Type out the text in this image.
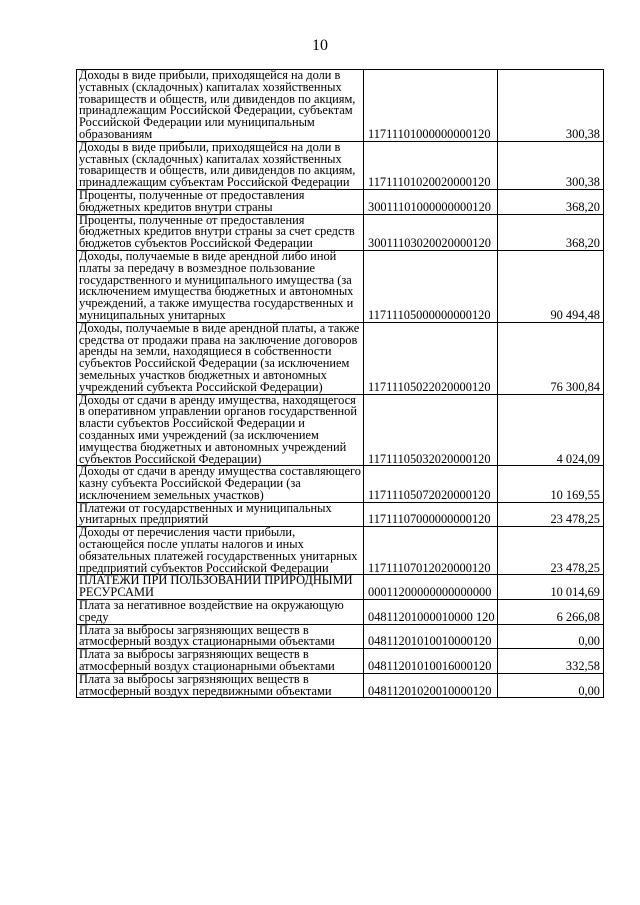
10
Доходы в виде прибыли, приходящейся на доли в уставных (складочных) капиталах хозяйственных товариществ и обществ, или дивидендов по акциям, принадлежащим Российской Федерации, субъектам Российской Федерации или муниципальным образованиям	11711101000000000120	300,38
Доходы в виде прибыли, приходящейся на доли в уставных (складочных) капиталах хозяйственных товариществ и обществ, или дивидендов по акциям, принадлежащим субъектам Российской Федерации	11711101020020000120	300,38
Проценты, полученные от предоставления бюджетных кредитов внутри страны	30011101000000000120	368,20
Проценты, полученные от предоставления бюджетных кредитов внутри страны за счет средств бюджетов субъектов Российской Федерации	30011103020020000120	368,20
Доходы, получаемые в виде арендной либо иной платы за передачу в возмездное пользование государственного и муниципального имущества (за исключением имущества бюджетных и автономных учреждений, а также имущества государственных и муниципальных унитарных	11711105000000000120	90 494,48
Доходы, получаемые в виде арендной платы, а также средства от продажи права на заключение договоров аренды на земли, находящиеся в собственности субъектов Российской Федерации (за исключением земельных участков бюджетных и автономных учреждений субъекта Российской Федерации)	11711105022020000120	76 300,84
Доходы от сдачи в аренду имущества, находящегося в оперативном управлении органов государственной власти субъектов Российской Федерации и созданных ими учреждений (за исключением имущества бюджетных и автономных учреждений субъектов Российской Федерации)	11711105032020000120	4 024,09
Доходы от сдачи в аренду имущества составляющего казну субъекта Российской Федерации (за исключением земельных участков)	11711105072020000120	10 169,55
Платежи от государственных и муниципальных унитарных предприятий	11711107000000000120	23 478,25
Доходы от перечисления части прибыли, остающейся после уплаты налогов и иных обязательных платежей государственных унитарных предприятий субъектов Российской Федерации	11711107012020000120	23 478,25
ПЛАТЕЖИ ПРИ ПОЛЬЗОВАНИИ ПРИРОДНЫМИ РЕСУРСАМИ	00011200000000000000	10 014,69
Плата за негативное воздействие на окружающую среду	04811201000010000 120	6 266,08
Плата за выбросы загрязняющих веществ в атмосферный воздух стационарными объектами	04811201010010000120	0,00
Плата за выбросы загрязняющих веществ в атмосферный воздух стационарными объектами	04811201010016000120	332,58
Плата за выбросы загрязняющих веществ в атмосферный воздух передвижными объектами	04811201020010000120	0,00
